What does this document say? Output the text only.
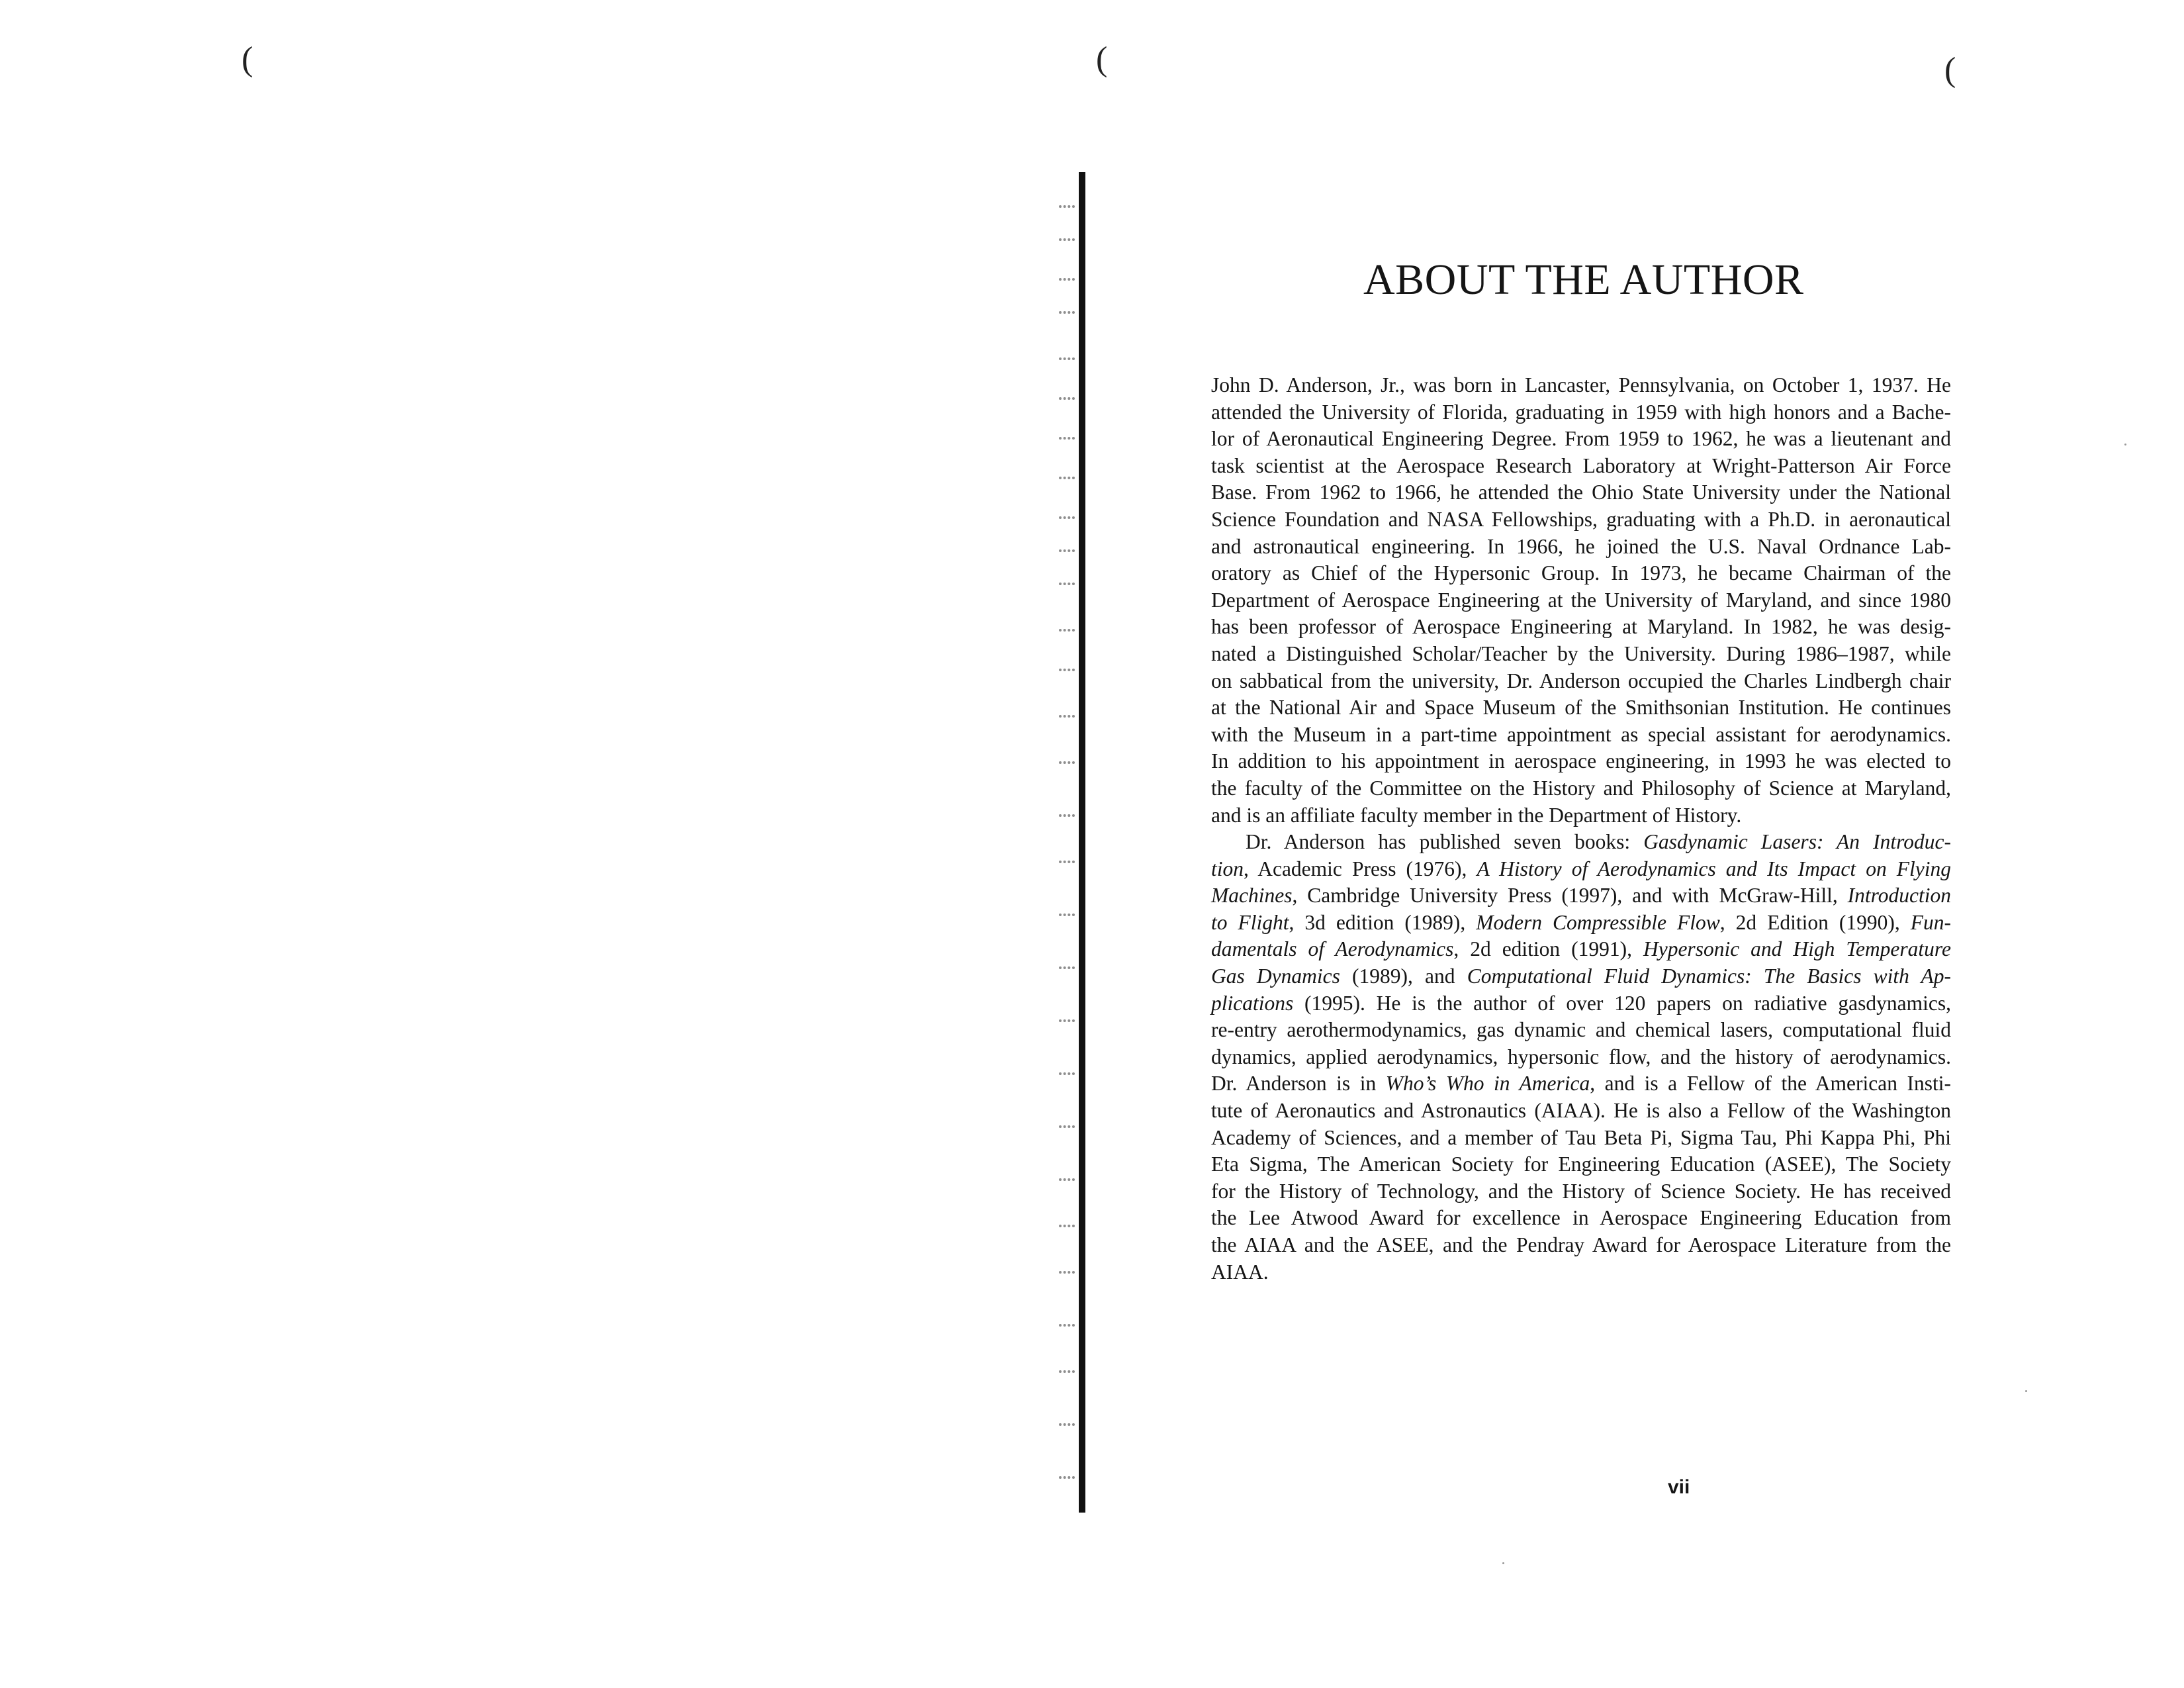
(	(	(
ABOUT THE AUTHOR
John D. Anderson, Jr., was born in Lancaster, Pennsylvania, on October 1, 1937. He
attended the University of Florida, graduating in 1959 with high honors and a Bache-
lor of Aeronautical Engineering Degree. From 1959 to 1962, he was a lieutenant and
task scientist at the Aerospace Research Laboratory at Wright-Patterson Air Force
Base. From 1962 to 1966, he attended the Ohio State University under the National
Science Foundation and NASA Fellowships, graduating with a Ph.D. in aeronautical
and astronautical engineering. In 1966, he joined the U.S. Naval Ordnance Lab-
oratory as Chief of the Hypersonic Group. In 1973, he became Chairman of the
Department of Aerospace Engineering at the University of Maryland, and since 1980
has been professor of Aerospace Engineering at Maryland. In 1982, he was desig-
nated a Distinguished Scholar/Teacher by the University. During 1986–1987, while
on sabbatical from the university, Dr. Anderson occupied the Charles Lindbergh chair
at the National Air and Space Museum of the Smithsonian Institution. He continues
with the Museum in a part-time appointment as special assistant for aerodynamics.
In addition to his appointment in aerospace engineering, in 1993 he was elected to
the faculty of the Committee on the History and Philosophy of Science at Maryland,
and is an affiliate faculty member in the Department of History.
Dr. Anderson has published seven books: Gasdynamic Lasers: An Introduc-
tion, Academic Press (1976), A History of Aerodynamics and Its Impact on Flying
Machines, Cambridge University Press (1997), and with McGraw-Hill, Introduction
to Flight, 3d edition (1989), Modern Compressible Flow, 2d Edition (1990), Fun-
damentals of Aerodynamics, 2d edition (1991), Hypersonic and High Temperature
Gas Dynamics (1989), and Computational Fluid Dynamics: The Basics with Ap-
plications (1995). He is the author of over 120 papers on radiative gasdynamics,
re-entry aerothermodynamics, gas dynamic and chemical lasers, computational fluid
dynamics, applied aerodynamics, hypersonic flow, and the history of aerodynamics.
Dr. Anderson is in Who’s Who in America, and is a Fellow of the American Insti-
tute of Aeronautics and Astronautics (AIAA). He is also a Fellow of the Washington
Academy of Sciences, and a member of Tau Beta Pi, Sigma Tau, Phi Kappa Phi, Phi
Eta Sigma, The American Society for Engineering Education (ASEE), The Society
for the History of Technology, and the History of Science Society. He has received
the Lee Atwood Award for excellence in Aerospace Engineering Education from
the AIAA and the ASEE, and the Pendray Award for Aerospace Literature from the
AIAA.
vii
